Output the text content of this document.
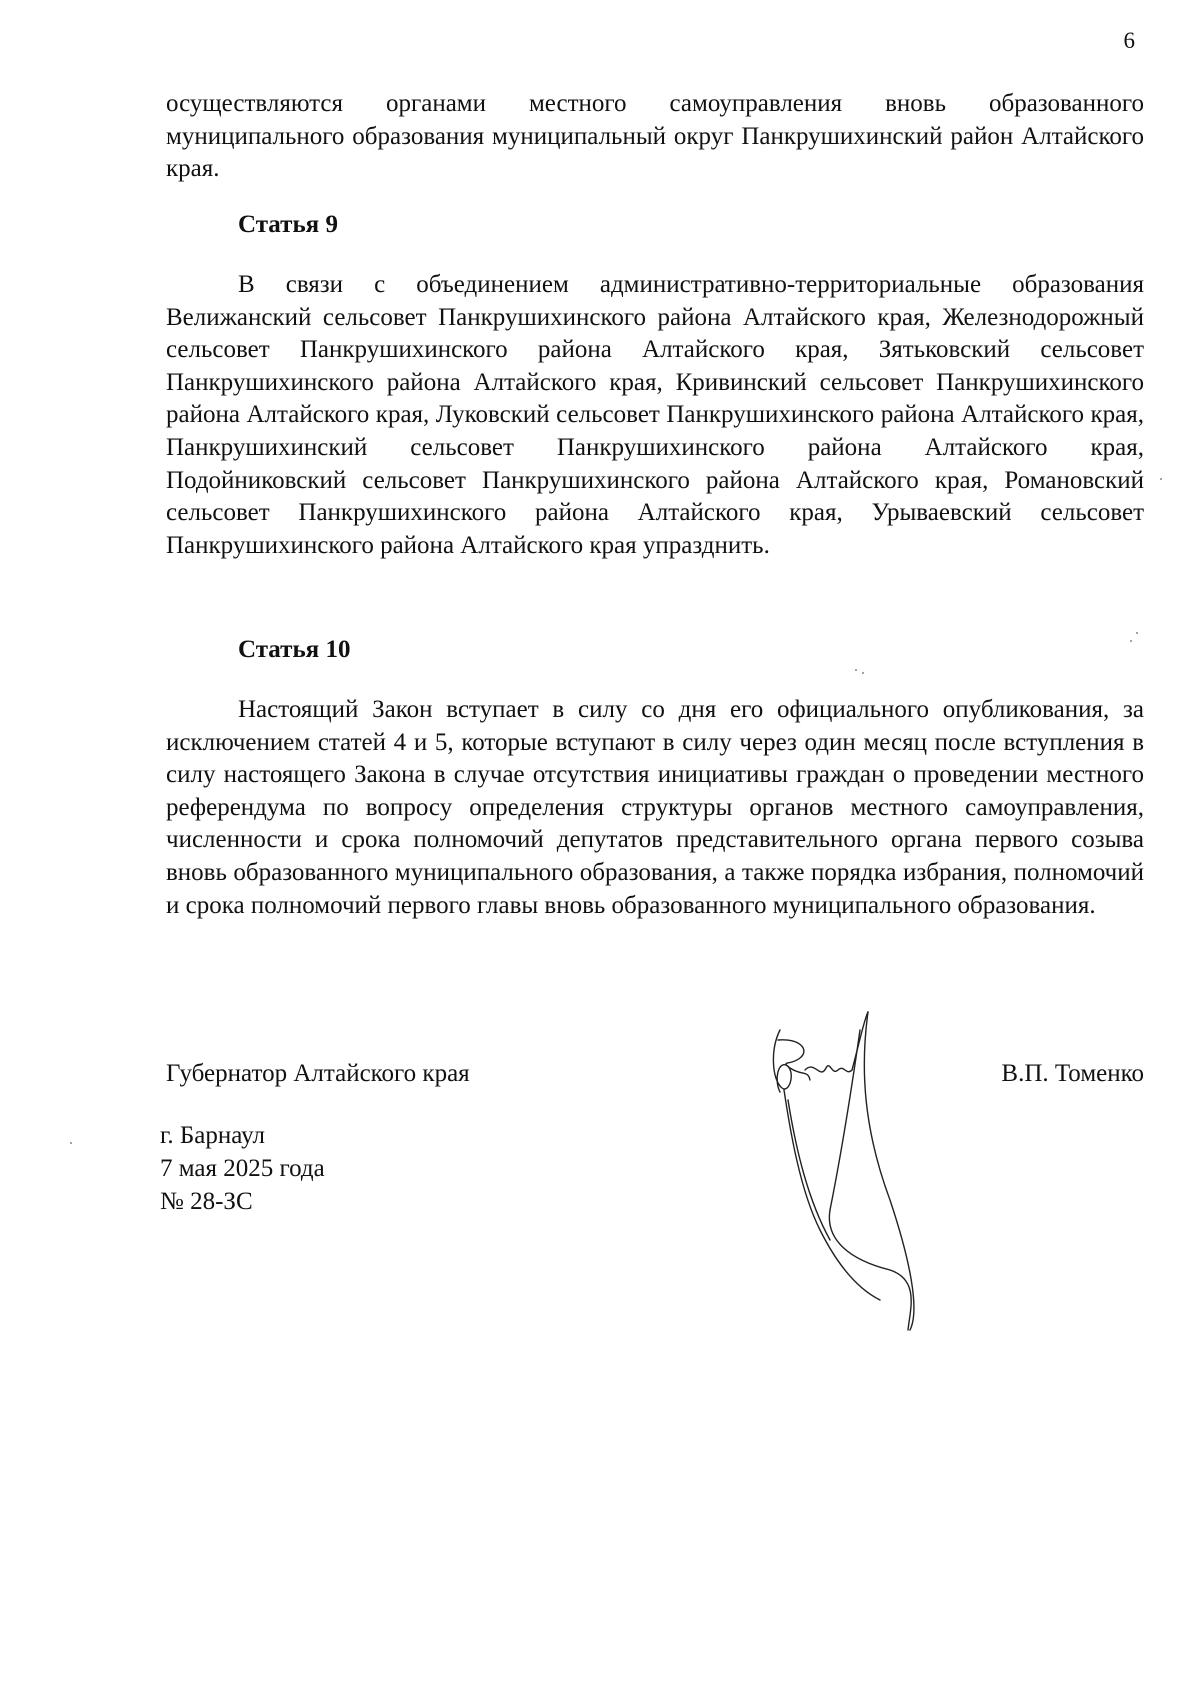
6

осуществляются органами местного самоуправления вновь образованного муниципального образования муниципальный округ Панкрушихинский район Алтайского края.

Статья 9

В связи с объединением административно-территориальные образования Велижанский сельсовет Панкрушихинского района Алтайского края, Железнодорожный сельсовет Панкрушихинского района Алтайского края, Зятьковский сельсовет Панкрушихинского района Алтайского края, Кривинский сельсовет Панкрушихинского района Алтайского края, Луковский сельсовет Панкрушихинского района Алтайского края, Панкрушихинский сельсовет Панкрушихинского района Алтайского края, Подойниковский сельсовет Панкрушихинского района Алтайского края, Романовский сельсовет Панкрушихинского района Алтайского края, Урываевский сельсовет Панкрушихинского района Алтайского края упразднить.

Статья 10

Настоящий Закон вступает в силу со дня его официального опубликования, за исключением статей 4 и 5, которые вступают в силу через один месяц после вступления в силу настоящего Закона в случае отсутствия инициативы граждан о проведении местного референдума по вопросу определения структуры органов местного самоуправления, численности и срока полномочий депутатов представительного органа первого созыва вновь образованного муниципального образования, а также порядка избрания, полномочий и срока полномочий первого главы вновь образованного муниципального образования.

Губернатор Алтайского края	В.П. Томенко

г. Барнаул

7 мая 2025 года

№ 28-ЗС
